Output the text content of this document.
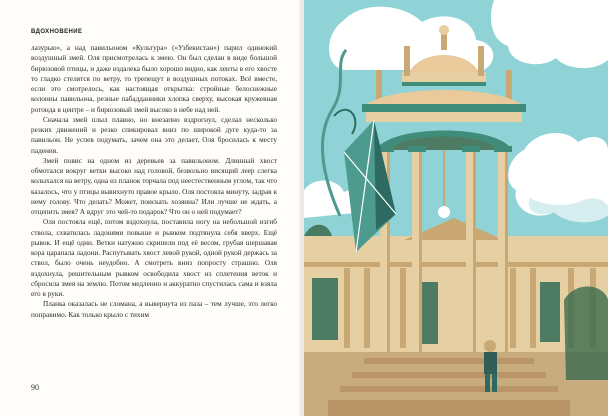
ВДОХНОВЕНИЕ

лазурью», а над павильоном «Культура» («Узбекистан») парил одинокий воздушный змей. Оля присмотрелась к змею. Он был сделан в виде большой бирюзовой птицы, и даже издалека было хорошо видно, как ленты в его хвосте то гладко стелятся по ветру, то трепещут в воздушных потоках. Всё вместе, если это смотрелось, как настоящая открытка: стройные белоснежные колонны павильона, резные пабадданники хлопка сверху, высокая кружевная ротонда в центре – и бирюзовый змей высоко в небе над ней.

Сначала змей плыл плавно, но внезапно вздрогнул, сделал несколько резких движений и резко спикировал вниз по широкой дуге куда-то за павильон. Не успев подумать, зачем она это делает, Оля бросилась к месту падения.

Змей повис на одном из деревьев за павильоном. Длинный хвост обмотался вокруг ветки высоко над головой, безвольно висящий леер слегка колыхался на ветру, одна из планок торчала под неестественным углом, так что казалось, что у птицы вывихнуто правое крыло. Оля постояла минуту, задрав к нему голову. Что делать? Может, поискать хозяина? Или лучше не ждать, а отцепить змея? А вдруг это чей-то подарок? Что он о ней подумает?

Оля постояла ещё, потом вздохнула, поставила ногу на небольшой изгиб ствола, схватилась ладонями повыше и рывком подтянула себя вверх. Ещё рывок. И ещё один. Ветки натужно скрипели под её весом, грубая шершавая кора царапала ладони. Распутывать хвост левой рукой, одной рукой держась за ствол, было очень неудобно. А смотреть вниз попросту страшно. Оля вздохнула, решительным рывком освободила хвост из сплетения веток и сбросила змея на землю. Потом медленно и аккуратно спустилась сама и взяла его в руки.

Планка оказалась не сломана, а вывернута из паза – тем лучше, это легко поправимо. Как только крыло с тихим

90
